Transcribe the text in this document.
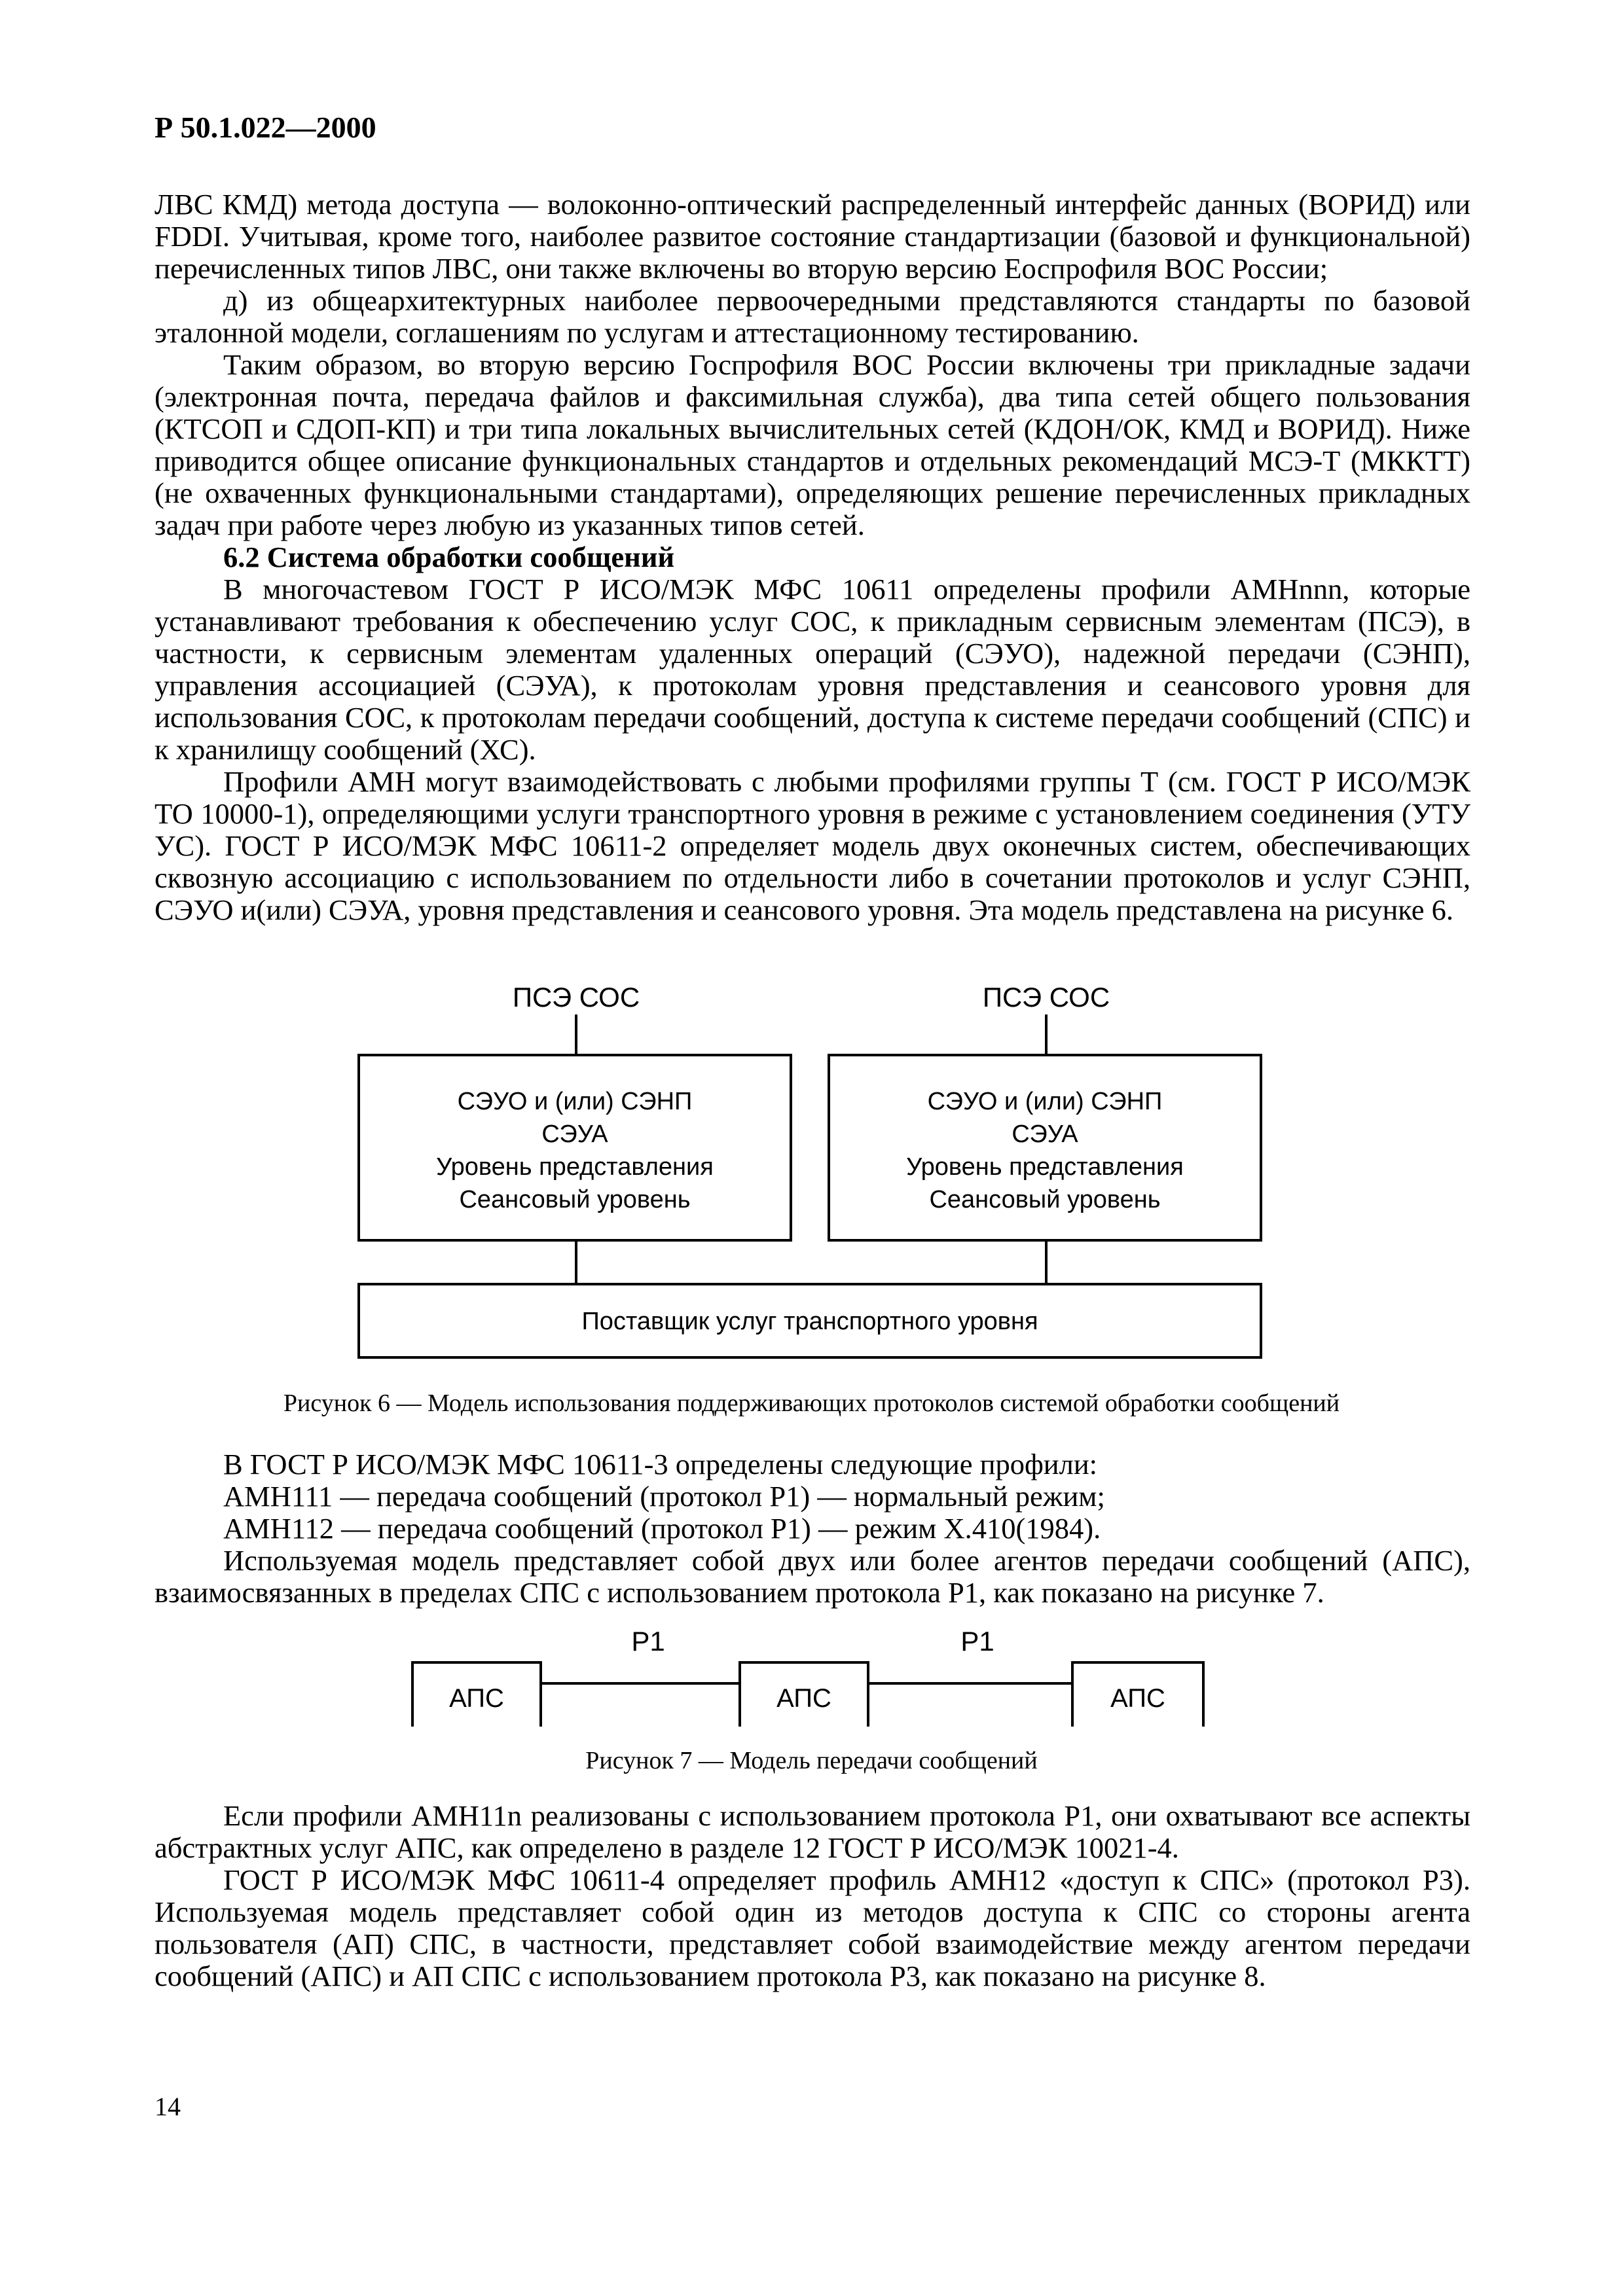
Р 50.1.022—2000

ЛВС КМД) метода доступа — волоконно-оптический распределенный интерфейс данных (ВОРИД) или FDDI. Учитывая, кроме того, наиболее развитое состояние стандартизации (базовой и функциональной) перечисленных типов ЛВС, они также включены во вторую версию Еоспрофиля ВОС России;

д) из общеархитектурных наиболее первоочередными представляются стандарты по базовой эталонной модели, соглашениям по услугам и аттестационному тестированию.

Таким образом, во вторую версию Госпрофиля ВОС России включены три прикладные задачи (электронная почта, передача файлов и факсимильная служба), два типа сетей общего пользования (КТСОП и СДОП-КП) и три типа локальных вычислительных сетей (КДОН/ОК, КМД и ВОРИД). Ниже приводится общее описание функциональных стандартов и отдельных рекомендаций МСЭ-Т (МККТТ) (не охваченных функциональными стандартами), определяющих решение перечисленных прикладных задач при работе через любую из указанных типов сетей.

6.2 Система обработки сообщений

В многочастевом ГОСТ Р ИСО/МЭК МФС 10611 определены профили AMHnnn, которые устанавливают требования к обеспечению услуг СОС, к прикладным сервисным элементам (ПСЭ), в частности, к сервисным элементам удаленных операций (СЭУО), надежной передачи (СЭНП), управления ассоциацией (СЭУА), к протоколам уровня представления и сеансового уровня для использования СОС, к протоколам передачи сообщений, доступа к системе передачи сообщений (СПС) и к хранилищу сообщений (ХС).

Профили АМН могут взаимодействовать с любыми профилями группы Т (см. ГОСТ Р ИСО/МЭК ТО 10000-1), определяющими услуги транспортного уровня в режиме с установлением соединения (УТУ УС). ГОСТ Р ИСО/МЭК МФС 10611-2 определяет модель двух оконечных систем, обеспечивающих сквозную ассоциацию с использованием по отдельности либо в сочетании протоколов и услуг СЭНП, СЭУО и(или) СЭУА, уровня представления и сеансового уровня. Эта модель представлена на рисунке 6.

ПСЭ СОС	ПСЭ СОС
СЭУО и (или) СЭНП
СЭУА
Уровень представления
Сеансовый уровень
СЭУО и (или) СЭНП
СЭУА
Уровень представления
Сеансовый уровень
Поставщик услуг транспортного уровня
Рисунок 6 — Модель использования поддерживающих протоколов системой обработки сообщений

В ГОСТ Р ИСО/МЭК МФС 10611-3 определены следующие профили:

АМН111 — передача сообщений (протокол Р1) — нормальный режим;

АМН112 — передача сообщений (протокол Р1) — режим Х.410(1984).

Используемая модель представляет собой двух или более агентов передачи сообщений (АПС), взаимосвязанных в пределах СПС с использованием протокола Р1, как показано на рисунке 7.

Р1	Р1
АПС	АПС	АПС
Рисунок 7 — Модель передачи сообщений

Если профили АМН11n реализованы с использованием протокола Р1, они охватывают все аспекты абстрактных услуг АПС, как определено в разделе 12 ГОСТ Р ИСО/МЭК 10021-4.

ГОСТ Р ИСО/МЭК МФС 10611-4 определяет профиль АМН12 «доступ к СПС» (протокол Р3). Используемая модель представляет собой один из методов доступа к СПС со стороны агента пользователя (АП) СПС, в частности, представляет собой взаимодействие между агентом передачи сообщений (АПС) и АП СПС с использованием протокола Р3, как показано на рисунке 8.

14
